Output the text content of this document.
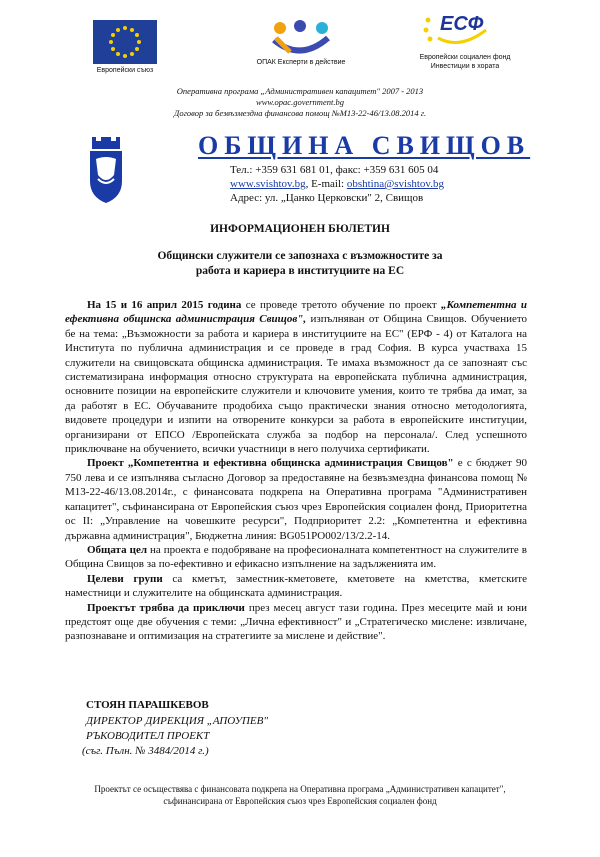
Европейски съюз
ОПАК Експерти в действие
ЕСФ
Европейски социален фонд
Инвестиции в хората
Оперативна програма „Административен капацитет" 2007 - 2013
www.opac.government.bg
Договор за безвъзмездна финансова помощ №М13-22-46/13.08.2014 г.
ОБЩИНА СВИЩОВ
Тел.: +359 631 681 01, факс: +359 631 605 04
www.svishtov.bg, E-mail: obshtina@svishtov.bg
Адрес: ул. „Цанко Церковски" 2, Свищов
ИНФОРМАЦИОНЕН БЮЛЕТИН
Общински служители се запознаха с възможностите за
работа и кариера в институциите на ЕС

На 15 и 16 април 2015 година се проведе третото обучение по проект „Компетентна и ефективна общинска администрация Свищов", изпълняван от Община Свищов. Обучението бе на тема: „Възможности за работа и кариера в институциите на ЕС" (ЕРФ - 4) от Каталога на Института по публична администрация и се проведе в град София. В курса участваха 15 служители на свищовската общинска администрация. Те имаха възможност да се запознаят със систематизирана информация относно структурата на европейската публична администрация, основните позиции на европейските служители и ключовите умения, които те трябва да имат, за да работят в ЕС. Обучаваните продобиха също практически знания относно методологията, видовете процедури и изпити на отворените конкурси за работа в европейските институции, организирани от ЕПСО /Европейската служба за подбор на персонала/. След успешното приключване на обучението, всички участници в него получиха сертификати.

Проект „Компетентна и ефективна общинска администрация Свищов" е с бюджет 90 750 лева и се изпълнява съгласно Договор за предоставяне на безвъзмездна финансова помощ № М13-22-46/13.08.2014г., с финансовата подкрепа на Оперативна програма "Административен капацитет", съфинансирана от Европейския съюз чрез Европейския социален фонд, Приоритетна ос II: „Управление на човешките ресурси", Подприоритет 2.2: „Компетентна и ефективна държавна администрация", Бюджетна линия: BG051PO002/13/2.2-14.

Общата цел на проекта е подобряване на професионалната компетентност на служителите в Община Свищов за по-ефективно и ефикасно изпълнение на задълженията им.

Целеви групи са кметът, заместник-кметовете, кметовете на кметства, кметските наместници и служителите на общинската администрация.

Проектът трябва да приключи през месец август тази година. През месеците май и юни предстоят още две обучения с теми: „Лична ефективност" и „Стратегическо мислене: извличане, разпознаване и оптимизация на стратегиите за мислене и действие".

СТОЯН ПАРАШКЕВОВ
ДИРЕКТОР ДИРЕКЦИЯ „АПОУПЕВ"
РЪКОВОДИТЕЛ ПРОЕКТ
(съг. Пълн. № 3484/2014 г.)
Проектът се осъществява с финансовата подкрепа на Оперативна програма „Административен капацитет",
съфинансирана от Европейския съюз чрез Европейския социален фонд
